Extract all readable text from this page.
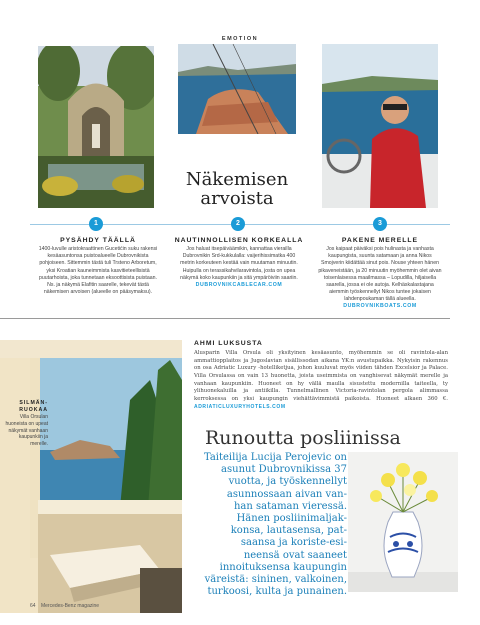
EMOTION
Näkemisen
arvoista
1	2	3
PYSÄHDY TÄÄLLÄ
1400-luvulle aristokraattinen Gucetićin suku rakensi kesäasuntonsa puistoalueelle Dubrovnikista pohjoiseen. Sittemmin tästä tuli Trsteno Arboretum, yksi Kroatian kauneimmista kasvitieteellisistä puutarhoista, joka tunnetaan eksoottisista puistaan. Ns. ja näkymä Elafitin saarelle, tekevät tästä näkemisen arvoisen (alueelle on pääsymaksu).
NAUTINNOLLISEN KORKEALLA
Jos haluat itsepäiväämikin, kannattaa vierailla Dubrovnikin Srd-kukkulalla: vaijerihissimatka 400 metrin korkeuteen kestää vain muutaman minuutin. Huipulla on terassikahvilaravintola, josta on upea näkymä koko kaupunkiin ja sitä ympäröiviin saariin.
DUBROVNIKCABLECAR.COM
PAKENE MERELLE
Jos kaipaat päiväksi pois hulinasta ja vanhasta kaupungista, suunta satamaan ja anna Nikos Smojverin kiidättää sinut pois. Nouse yhteen hänen pikaveneistään, ja 20 minuutin myöhemmin olet aivan toisenlaisessa maailmassa – Lopudilla, hiljaisella saarella, jossa ei ole autoja. Kelhäskalastajana aiemmin työskennellyt Nikos tuntee jokaisen lahdenpoukaman tällä alueella.
DUBROVNIKBOATS.COM
SILMÄN-RUOKAA
Villa Orsulan huoneista on upeat näkymät vanhaan kaupunkiin ja merelle.
AHMI LUKSUSTA
Alusparin Villa Orsula oli yksityinen kesäasunto, myöhemmin se oli ravintola-alan ammattiopplaitos ja Jugoslavian sisällissodan aikana YK:n avustupaikka. Nykyisin rakennus on osa Adriatic Luxury -hotelliketjua, johon kuuluvat myös viiden tähden Excelsior ja Palace. Villa Orsulassa on vain 13 huonetta, joista useimmista on vanghisevat näkymät merelle ja vanhaan kaupunkiin. Huoneet on hy vällä maulla sisustettu modernilla taiteella, ty ylihuonekaluilla ja antiikilla. Tunnelmallinen Victoria-ravintolan pergola alimmassa kerroksessa on yksi kaupungin viehättävimmistä paikoista. Huoneet alkaen 360 €. ADRIATICLUXURYHOTELS.COM
Runoutta posliinissa
Taiteilija Lucija Perojevic on
asunut Dubrovnikissa 37
vuotta, ja työskennellyt
asunnossaan aivan van-
han sataman vieressä.
Hänen posliinimaljak-
konsa, lautasensa, pat-
saansa ja koriste-esi-
neensä ovat saaneet
innoituksensa kaupungin
väreistä: sininen, valkoinen,
turkoosi, kulta ja punainen.
64 Mercedes-Benz magazine
